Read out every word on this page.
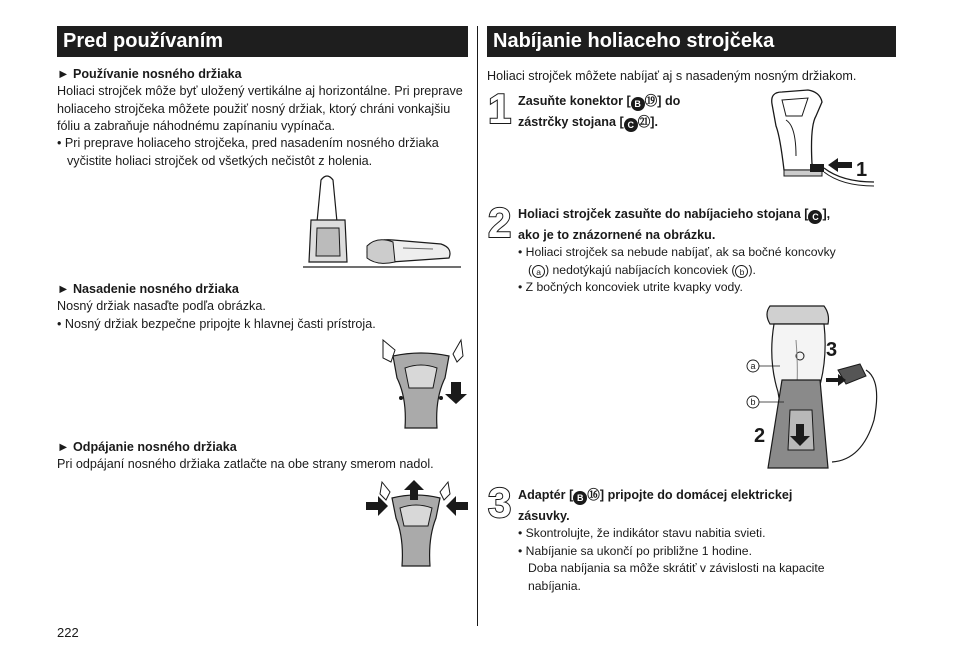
Pred používaním
► Používanie nosného držiaka
Holiaci strojček môže byť uložený vertikálne aj horizontálne. Pri prepravе holiaceho strojčeka môžete použiť nosný držiak, ktorý chráni vonkajšiu fóliu a zabraňuje náhodnému zapínaniu vypínača.
• Pri preprave holiaceho strojčeka, pred nasadením nosného držiaka vyčistite holiaci strojček od všetkých nečistôt z holenia.
► Nasadenie nosného držiaka
Nosný držiak nasaďte podľa obrázka.
• Nosný držiak bezpečne pripojte k hlavnej časti prístroja.
► Odpájanie nosného držiaka
Pri odpájaní nosného držiaka zatlačte na obe strany smerom nadol.
Nabíjanie holiaceho strojčeka
Holiaci strojček môžete nabíjať aj s nasadeným nosným držiakom.
1 Zasuňte konektor [ B ⑲] do
zástrčky stojana [ C ㉑].
1
2 Holiaci strojček zasuňte do nabíjacieho stojana [ C ],
ako je to znázornené na obrázku.
• Holiaci strojček sa nebude nabíjať, ak sa bočné koncovky
( a ) nedotýkajú nabíjacích koncoviek ( b ).
• Z bočných koncoviek utrite kvapky vody.
a
b
3
2
3 Adaptér [ B ⑯] pripojte do domácej elektrickej
zásuvky.
• Skontrolujte, že indikátor stavu nabitia svieti.
• Nabíjanie sa ukončí po približne 1 hodine.
Doba nabíjania sa môže skrátiť v závislosti na kapacite
nabíjania.
222
